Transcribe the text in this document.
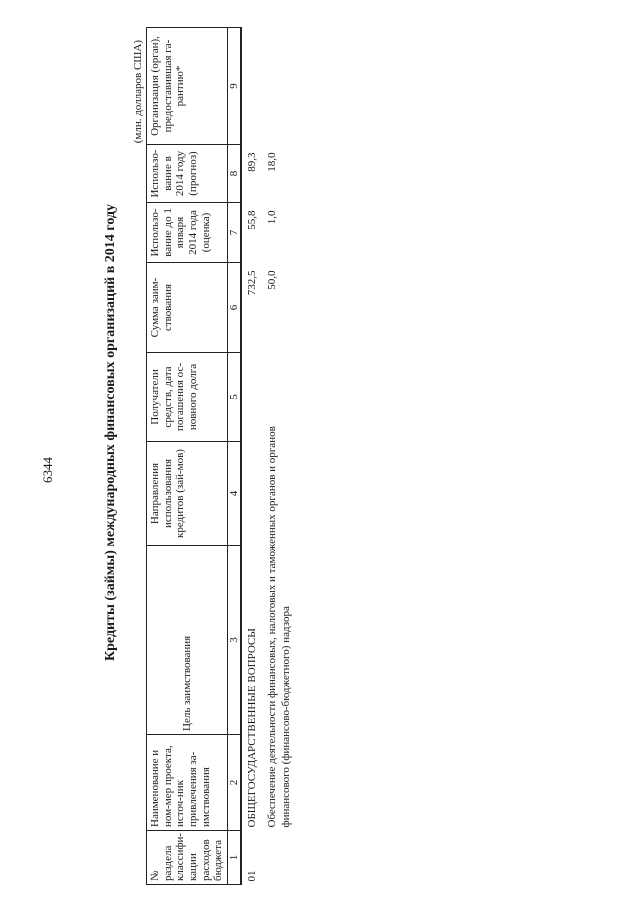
6344	Кредиты (займы) международных финансовых организаций в 2014 году
(млн. долларов США)
№ раздела классифи-кации расходов бюджета	Наименование и ном-мер проекта, источ-ник привлечения за-имствования	Цель заимствования	Направления использования кредитов (зай-мов)	Получатели средств, дата погашения ос-новного долга	Сумма заим-ствования	Использо-вание до 1 января 2014 года (оценка)	Использо-вание в 2014 году (прогноз)	Организация (орган), предоставившая га-рантию*
1	2	3	4	5	6	7	8	9
01	ОБЩЕГОСУДАРСТВЕННЫЕ ВОПРОСЫ				732,5	55,8	89,3	
	Обеспечение деятельности финансовых, налоговых и таможенных органов и органов финансового (финансово-бюджетного) надзора				50,0	1,0	18,0	
